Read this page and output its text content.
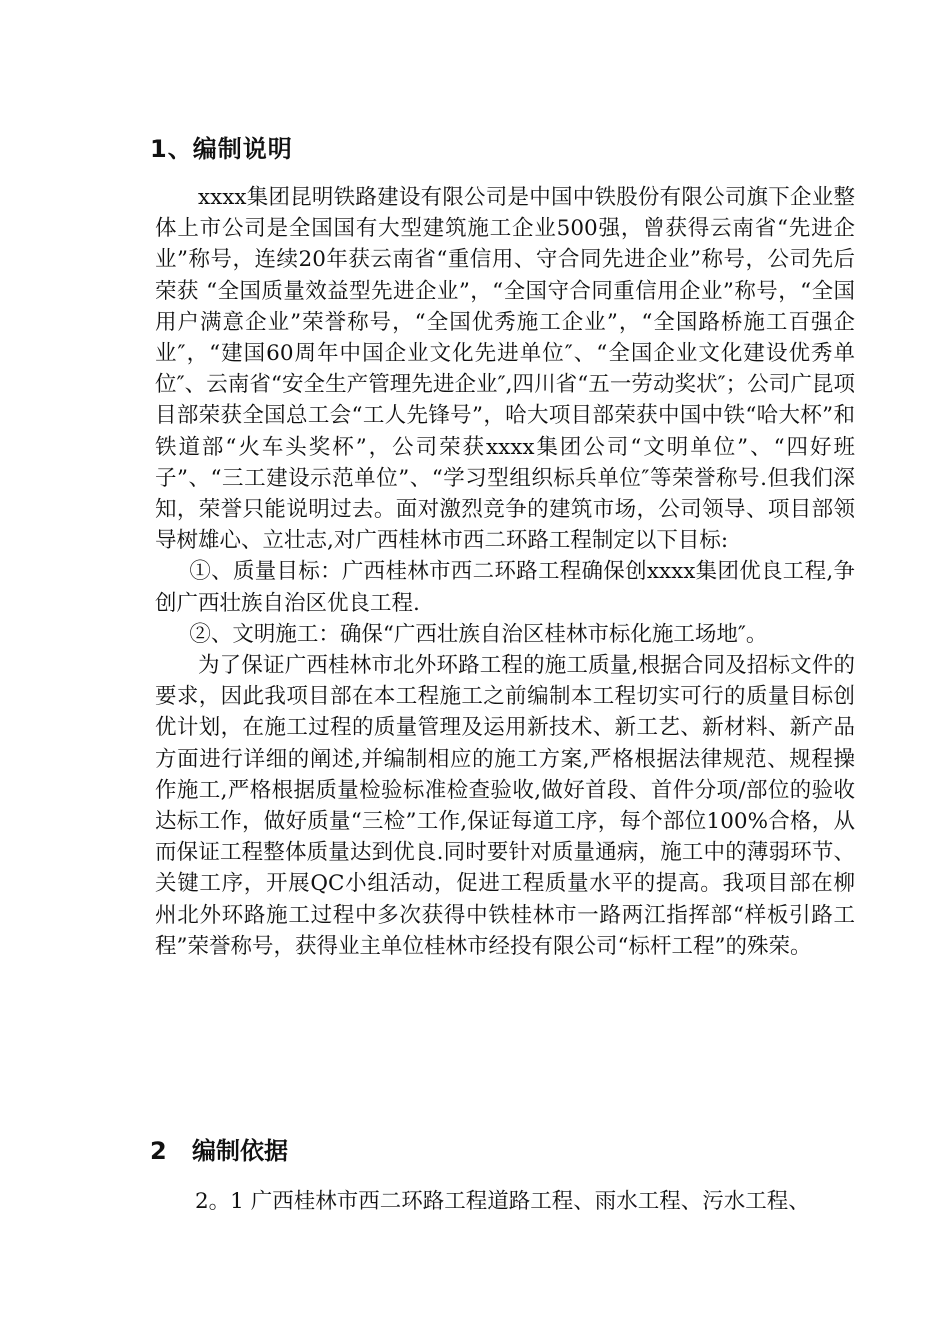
1、编制说明

xxxx集团昆明铁路建设有限公司是中国中铁股份有限公司旗下企业整体上市公司是全国国有大型建筑施工企业500强，曾获得云南省“先进企业”称号，连续20年获云南省“重信用、守合同先进企业”称号，公司先后荣获 “全国质量效益型先进企业”，“全国守合同重信用企业”称号，“全国用户满意企业”荣誉称号，“全国优秀施工企业”，“全国路桥施工百强企业″，“建国60周年中国企业文化先进单位″、“全国企业文化建设优秀单位″、云南省“安全生产管理先进企业″,四川省“五一劳动奖状″；公司广昆项目部荣获全国总工会“工人先锋号”，哈大项目部荣获中国中铁“哈大杯”和铁道部“火车头奖杯”，公司荣获xxxx集团公司“文明单位”、“四好班子”、“三工建设示范单位”、“学习型组织标兵单位″等荣誉称号.但我们深知，荣誉只能说明过去。面对激烈竞争的建筑市场，公司领导、项目部领导树雄心、立壮志,对广西桂林市西二环路工程制定以下目标:

①、质量目标：广西桂林市西二环路工程确保创xxxx集团优良工程,争创广西壮族自治区优良工程.

②、文明施工：确保“广西壮族自治区桂林市标化施工场地″。

为了保证广西桂林市北外环路工程的施工质量,根据合同及招标文件的要求，因此我项目部在本工程施工之前编制本工程切实可行的质量目标创优计划，在施工过程的质量管理及运用新技术、新工艺、新材料、新产品方面进行详细的阐述,并编制相应的施工方案,严格根据法律规范、规程操作施工,严格根据质量检验标准检查验收,做好首段、首件分项/部位的验收达标工作，做好质量“三检”工作,保证每道工序，每个部位100%合格，从而保证工程整体质量达到优良.同时要针对质量通病，施工中的薄弱环节、关键工序，开展QC小组活动，促进工程质量水平的提高。我项目部在柳州北外环路施工过程中多次获得中铁桂林市一路两江指挥部“样板引路工程”荣誉称号，获得业主单位桂林市经投有限公司“标杆工程”的殊荣。

2 编制依据
2。1 广西桂林市西二环路工程道路工程、雨水工程、污水工程、
